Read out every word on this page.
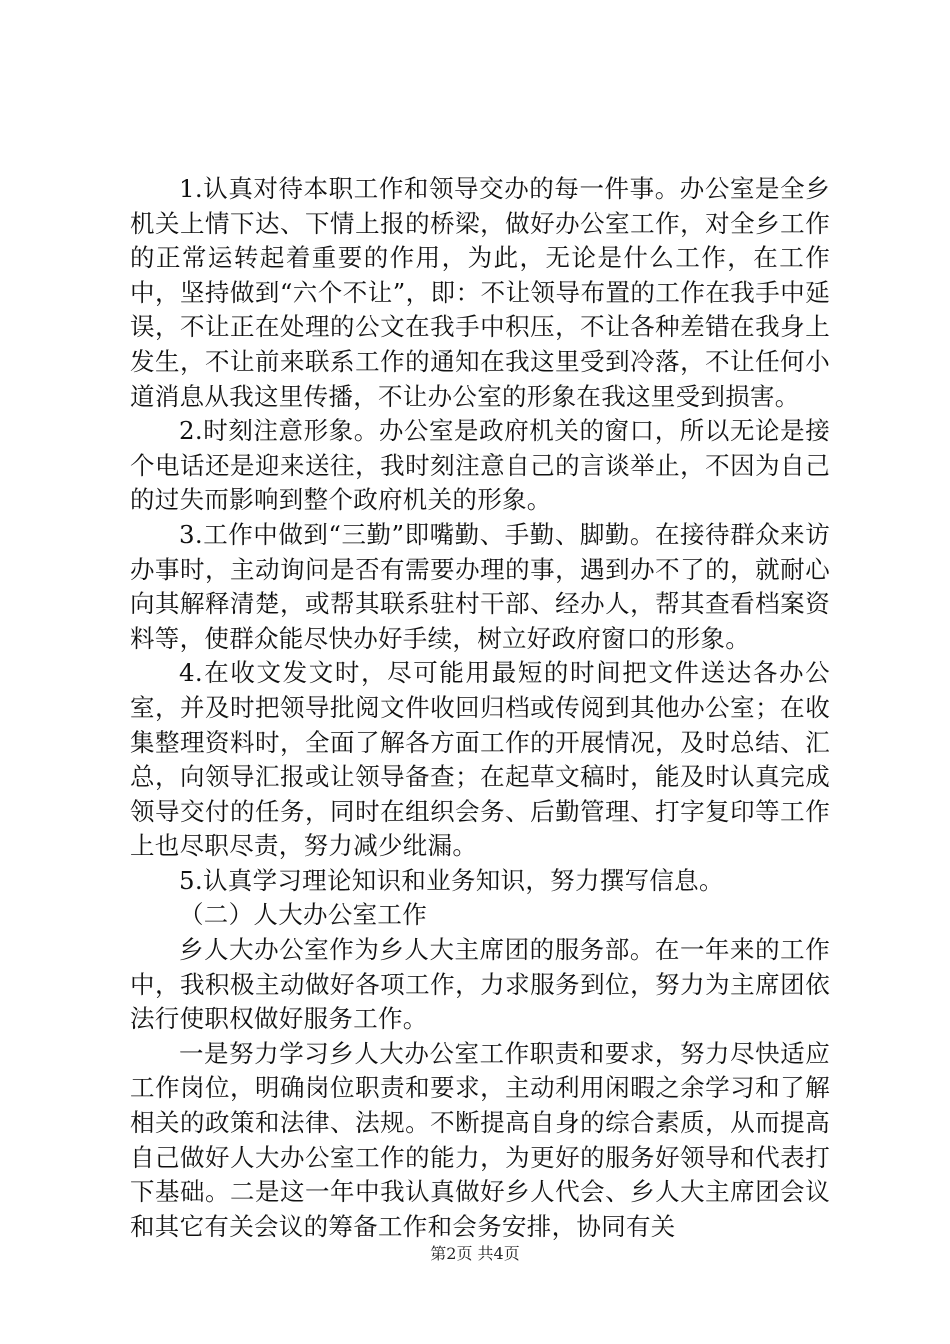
1.认真对待本职工作和领导交办的每一件事。办公室是全乡机关上情下达、下情上报的桥梁，做好办公室工作，对全乡工作的正常运转起着重要的作用，为此，无论是什么工作，在工作中，坚持做到“六个不让”，即：不让领导布置的工作在我手中延误，不让正在处理的公文在我手中积压，不让各种差错在我身上发生，不让前来联系工作的通知在我这里受到冷落，不让任何小道消息从我这里传播，不让办公室的形象在我这里受到损害。

2.时刻注意形象。办公室是政府机关的窗口，所以无论是接个电话还是迎来送往，我时刻注意自己的言谈举止，不因为自己的过失而影响到整个政府机关的形象。

3.工作中做到“三勤”即嘴勤、手勤、脚勤。在接待群众来访办事时，主动询问是否有需要办理的事，遇到办不了的，就耐心向其解释清楚，或帮其联系驻村干部、经办人，帮其查看档案资料等，使群众能尽快办好手续，树立好政府窗口的形象。

4.在收文发文时，尽可能用最短的时间把文件送达各办公室，并及时把领导批阅文件收回归档或传阅到其他办公室；在收集整理资料时，全面了解各方面工作的开展情况，及时总结、汇总，向领导汇报或让领导备查；在起草文稿时，能及时认真完成领导交付的任务，同时在组织会务、后勤管理、打字复印等工作上也尽职尽责，努力减少纰漏。

5.认真学习理论知识和业务知识，努力撰写信息。

（二）人大办公室工作

乡人大办公室作为乡人大主席团的服务部。在一年来的工作中，我积极主动做好各项工作，力求服务到位，努力为主席团依法行使职权做好服务工作。

一是努力学习乡人大办公室工作职责和要求，努力尽快适应工作岗位，明确岗位职责和要求，主动利用闲暇之余学习和了解相关的政策和法律、法规。不断提高自身的综合素质，从而提高自己做好人大办公室工作的能力，为更好的服务好领导和代表打下基础。二是这一年中我认真做好乡人代会、乡人大主席团会议和其它有关会议的筹备工作和会务安排，协同有关

第2页 共4页
